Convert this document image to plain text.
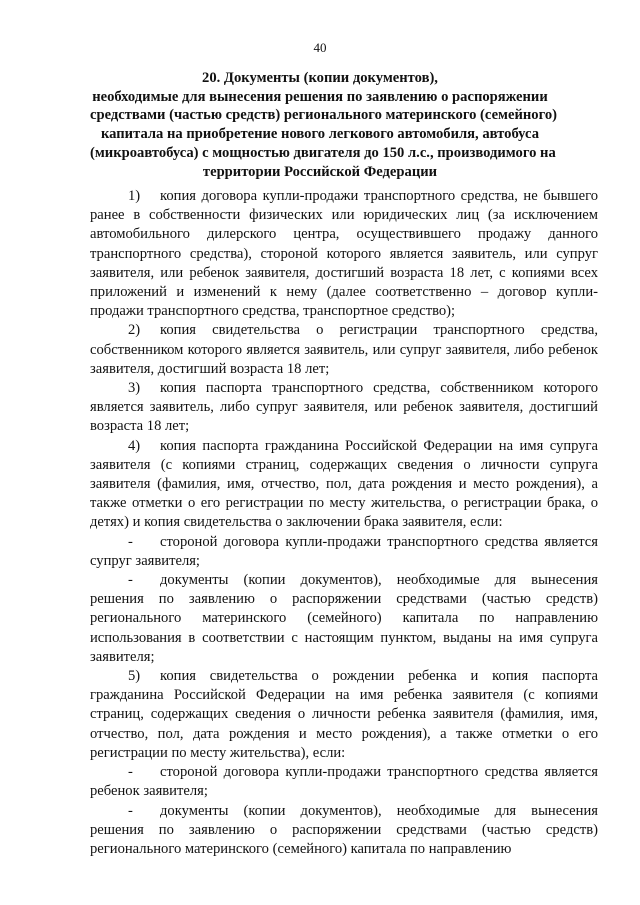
40
20. Документы (копии документов),
необходимые для вынесения решения по заявлению о распоряжении
средствами (частью средств) регионального материнского (семейного)
капитала на приобретение нового легкового автомобиля, автобуса
(микроавтобуса) с мощностью двигателя до 150 л.с., производимого на
территории Российской Федерации

1) копия договора купли-продажи транспортного средства, не бывшего ранее в собственности физических или юридических лиц (за исключением автомобильного дилерского центра, осуществившего продажу данного транспортного средства), стороной которого является заявитель, или супруг заявителя, или ребенок заявителя, достигший возраста 18 лет, с копиями всех приложений и изменений к нему (далее соответственно – договор купли-продажи транспортного средства, транспортное средство);

2) копия свидетельства о регистрации транспортного средства, собственником которого является заявитель, или супруг заявителя, либо ребенок заявителя, достигший возраста 18 лет;

3) копия паспорта транспортного средства, собственником которого является заявитель, либо супруг заявителя, или ребенок заявителя, достигший возраста 18 лет;

4) копия паспорта гражданина Российской Федерации на имя супруга заявителя (с копиями страниц, содержащих сведения о личности супруга заявителя (фамилия, имя, отчество, пол, дата рождения и место рождения), а также отметки о его регистрации по месту жительства, о регистрации брака, о детях) и копия свидетельства о заключении брака заявителя, если:

- стороной договора купли-продажи транспортного средства является супруг заявителя;

- документы (копии документов), необходимые для вынесения решения по заявлению о распоряжении средствами (частью средств) регионального материнского (семейного) капитала по направлению использования в соответствии с настоящим пунктом, выданы на имя супруга заявителя;

5) копия свидетельства о рождении ребенка и копия паспорта гражданина Российской Федерации на имя ребенка заявителя (с копиями страниц, содержащих сведения о личности ребенка заявителя (фамилия, имя, отчество, пол, дата рождения и место рождения), а также отметки о его регистрации по месту жительства), если:

- стороной договора купли-продажи транспортного средства является ребенок заявителя;

- документы (копии документов), необходимые для вынесения решения по заявлению о распоряжении средствами (частью средств) регионального материнского (семейного) капитала по направлению
